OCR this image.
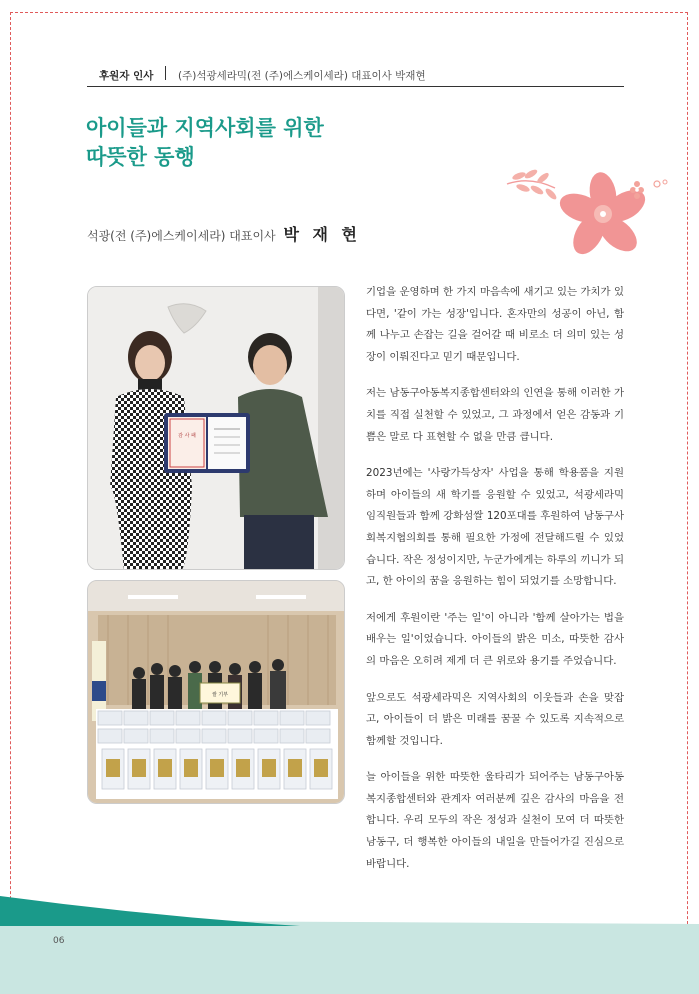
후원자 인사 (주)석광세라믹(전 (주)에스케이세라) 대표이사 박재현
아이들과 지역사회를 위한
따뜻한 동행
석광(전 (주)에스케이세라) 대표이사 박 재 현
감 사 패
쌀 기부

기업을 운영하며 한 가지 마음속에 새기고 있는 가치가 있다면, '같이 가는 성장'입니다. 혼자만의 성공이 아닌, 함께 나누고 손잡는 길을 걸어갈 때 비로소 더 의미 있는 성장이 이뤄진다고 믿기 때문입니다.

저는 남동구아동복지종합센터와의 인연을 통해 이러한 가치를 직접 실천할 수 있었고, 그 과정에서 얻은 감동과 기쁨은 말로 다 표현할 수 없을 만큼 큽니다.

2023년에는 '사랑가득상자' 사업을 통해 학용품을 지원하며 아이들의 새 학기를 응원할 수 있었고, 석광세라믹 임직원들과 함께 강화섬쌀 120포대를 후원하여 남동구사회복지협의회를 통해 필요한 가정에 전달해드릴 수 있었습니다. 작은 정성이지만, 누군가에게는 하루의 끼니가 되고, 한 아이의 꿈을 응원하는 힘이 되었기를 소망합니다.

저에게 후원이란 '주는 일'이 아니라 '함께 살아가는 법을 배우는 일'이었습니다. 아이들의 밝은 미소, 따뜻한 감사의 마음은 오히려 제게 더 큰 위로와 용기를 주었습니다.

앞으로도 석광세라믹은 지역사회의 이웃들과 손을 맞잡고, 아이들이 더 밝은 미래를 꿈꿀 수 있도록 지속적으로 함께할 것입니다.

늘 아이들을 위한 따뜻한 울타리가 되어주는 남동구아동복지종합센터와 관계자 여러분께 깊은 감사의 마음을 전합니다. 우리 모두의 작은 정성과 실천이 모여 더 따뜻한 남동구, 더 행복한 아이들의 내일을 만들어가길 진심으로 바랍니다.

06
